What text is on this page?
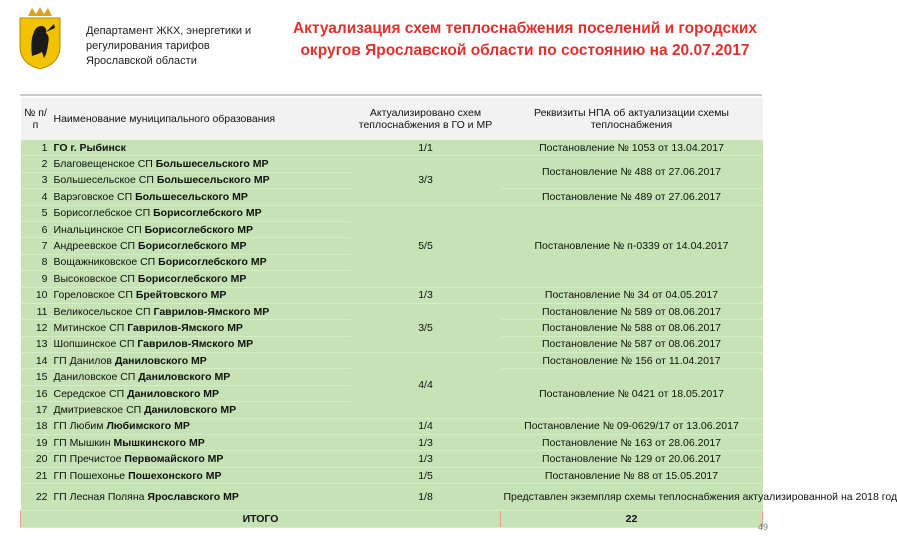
Департамент ЖКХ, энергетики и регулирования тарифов Ярославской области
Актуализация схем теплоснабжения поселений и городских округов Ярославской области по состоянию на 20.07.2017
№ п/п	Наименование муниципального образования	Актуализировано схем теплоснабжения в ГО и МР	Реквизиты НПА об актуализации схемы теплоснабжения
1	ГО г. Рыбинск	1/1	Постановление № 1053 от 13.04.2017
2	Благовещенское СП Большесельского МР	3/3	Постановление № 488 от 27.06.2017
3	Большесельское СП Большесельского МР		
4	Варэговское СП Большесельского МР		Постановление № 489 от 27.06.2017
5	Борисоглебское СП Борисоглебского МР	5/5	Постановление № п-0339 от 14.04.2017
6	Инальцинское СП Борисоглебского МР		
7	Андреевское СП Борисоглебского МР		
8	Вощажниковское СП Борисоглебского МР		
9	Высоковское СП Борисоглебского МР		
10	Гореловское СП Брейтовского МР	1/3	Постановление № 34 от 04.05.2017
11	Великосельское СП Гаврилов-Ямского МР	3/5	Постановление № 589 от 08.06.2017
12	Митинское СП Гаврилов-Ямского МР		Постановление № 588 от 08.06.2017
13	Шопшинское СП Гаврилов-Ямского МР		Постановление № 587 от 08.06.2017
14	ГП Данилов Даниловского МР	4/4	Постановление № 156 от 11.04.2017
15	Даниловское СП Даниловского МР		Постановление № 0421 от 18.05.2017
16	Середское СП Даниловского МР		
17	Дмитриевское СП Даниловского МР		
18	ГП Любим Любимского МР	1/4	Постановление № 09-0629/17 от 13.06.2017
19	ГП Мышкин Мышкинского МР	1/3	Постановление № 163 от 28.06.2017
20	ГП Пречистое Первомайского МР	1/3	Постановление № 129 от 20.06.2017
21	ГП Пошехонье Пошехонского МР	1/5	Постановление № 88 от 15.05.2017
22	ГП Лесная Поляна Ярославского МР	1/8	Представлен экземпляр схемы теплоснабжения актуализированной на 2018 год
ИТОГО			22
49
